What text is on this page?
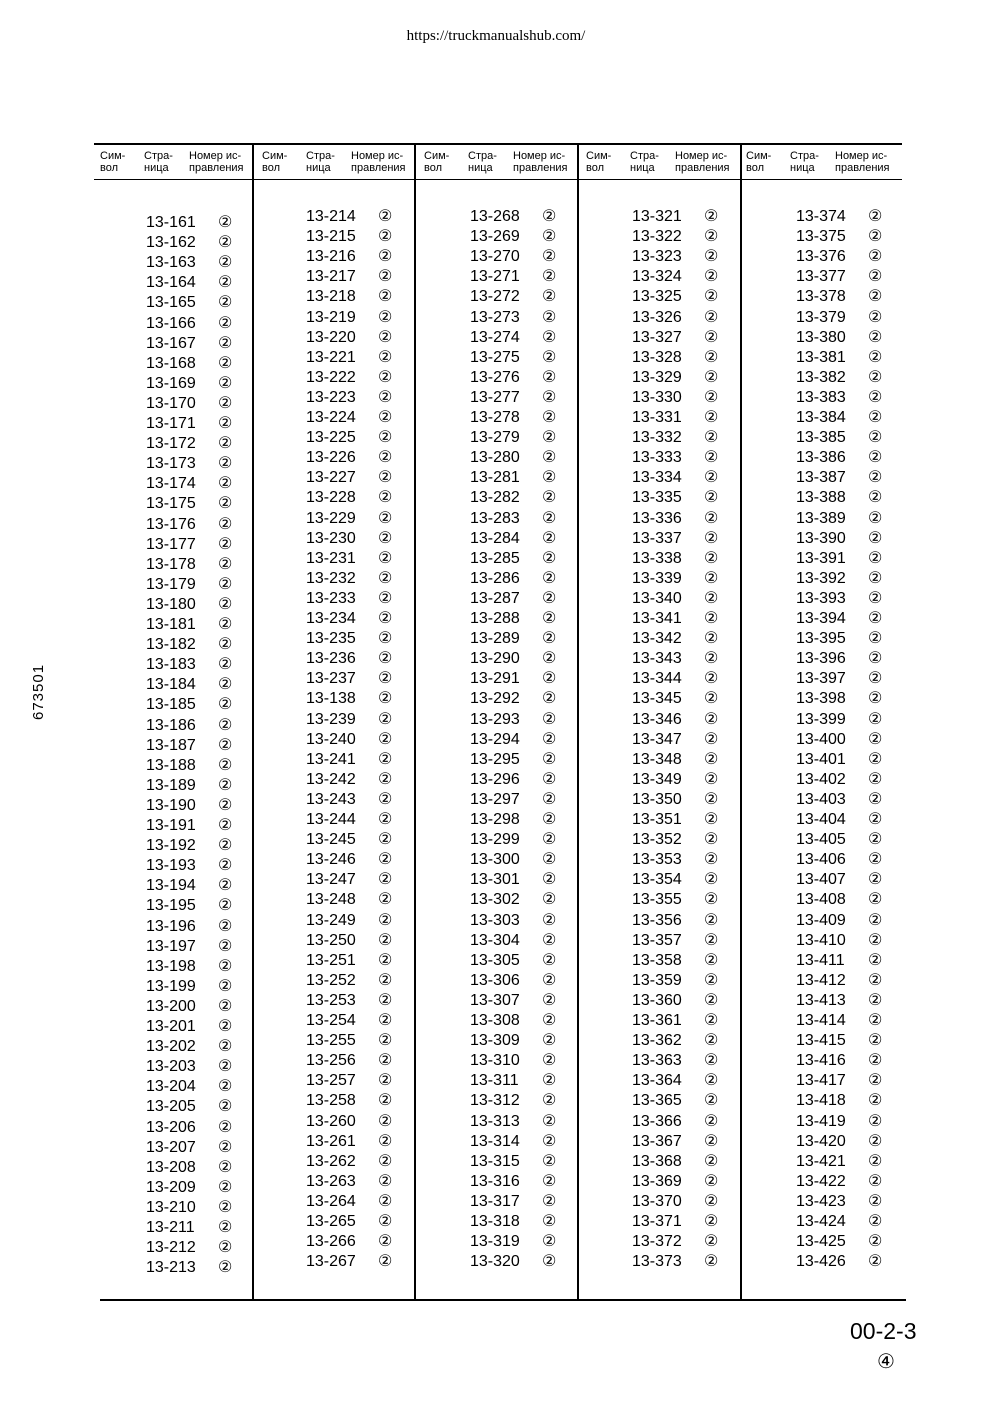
https://truckmanualshub.com/
673501
Сим-
вол
Стра-
ница
Номер ис-
правления
Сим-
вол
Стра-
ница
Номер ис-
правления
Сим-
вол
Стра-
ница
Номер ис-
правления
Сим-
вол
Стра-
ница
Номер ис-
правления
Сим-
вол
Стра-
ница
Номер ис-
правления
13-161 ②
13-162 ②
13-163 ②
13-164 ②
13-165 ②
13-166 ②
13-167 ②
13-168 ②
13-169 ②
13-170 ②
13-171 ②
13-172 ②
13-173 ②
13-174 ②
13-175 ②
13-176 ②
13-177 ②
13-178 ②
13-179 ②
13-180 ②
13-181 ②
13-182 ②
13-183 ②
13-184 ②
13-185 ②
13-186 ②
13-187 ②
13-188 ②
13-189 ②
13-190 ②
13-191 ②
13-192 ②
13-193 ②
13-194 ②
13-195 ②
13-196 ②
13-197 ②
13-198 ②
13-199 ②
13-200 ②
13-201 ②
13-202 ②
13-203 ②
13-204 ②
13-205 ②
13-206 ②
13-207 ②
13-208 ②
13-209 ②
13-210 ②
13-211 ②
13-212 ②
13-213 ②
13-214 ②
13-215 ②
13-216 ②
13-217 ②
13-218 ②
13-219 ②
13-220 ②
13-221 ②
13-222 ②
13-223 ②
13-224 ②
13-225 ②
13-226 ②
13-227 ②
13-228 ②
13-229 ②
13-230 ②
13-231 ②
13-232 ②
13-233 ②
13-234 ②
13-235 ②
13-236 ②
13-237 ②
13-138 ②
13-239 ②
13-240 ②
13-241 ②
13-242 ②
13-243 ②
13-244 ②
13-245 ②
13-246 ②
13-247 ②
13-248 ②
13-249 ②
13-250 ②
13-251 ②
13-252 ②
13-253 ②
13-254 ②
13-255 ②
13-256 ②
13-257 ②
13-258 ②
13-260 ②
13-261 ②
13-262 ②
13-263 ②
13-264 ②
13-265 ②
13-266 ②
13-267 ②
13-268 ②
13-269 ②
13-270 ②
13-271 ②
13-272 ②
13-273 ②
13-274 ②
13-275 ②
13-276 ②
13-277 ②
13-278 ②
13-279 ②
13-280 ②
13-281 ②
13-282 ②
13-283 ②
13-284 ②
13-285 ②
13-286 ②
13-287 ②
13-288 ②
13-289 ②
13-290 ②
13-291 ②
13-292 ②
13-293 ②
13-294 ②
13-295 ②
13-296 ②
13-297 ②
13-298 ②
13-299 ②
13-300 ②
13-301 ②
13-302 ②
13-303 ②
13-304 ②
13-305 ②
13-306 ②
13-307 ②
13-308 ②
13-309 ②
13-310 ②
13-311 ②
13-312 ②
13-313 ②
13-314 ②
13-315 ②
13-316 ②
13-317 ②
13-318 ②
13-319 ②
13-320 ②
13-321 ②
13-322 ②
13-323 ②
13-324 ②
13-325 ②
13-326 ②
13-327 ②
13-328 ②
13-329 ②
13-330 ②
13-331 ②
13-332 ②
13-333 ②
13-334 ②
13-335 ②
13-336 ②
13-337 ②
13-338 ②
13-339 ②
13-340 ②
13-341 ②
13-342 ②
13-343 ②
13-344 ②
13-345 ②
13-346 ②
13-347 ②
13-348 ②
13-349 ②
13-350 ②
13-351 ②
13-352 ②
13-353 ②
13-354 ②
13-355 ②
13-356 ②
13-357 ②
13-358 ②
13-359 ②
13-360 ②
13-361 ②
13-362 ②
13-363 ②
13-364 ②
13-365 ②
13-366 ②
13-367 ②
13-368 ②
13-369 ②
13-370 ②
13-371 ②
13-372 ②
13-373 ②
13-374 ②
13-375 ②
13-376 ②
13-377 ②
13-378 ②
13-379 ②
13-380 ②
13-381 ②
13-382 ②
13-383 ②
13-384 ②
13-385 ②
13-386 ②
13-387 ②
13-388 ②
13-389 ②
13-390 ②
13-391 ②
13-392 ②
13-393 ②
13-394 ②
13-395 ②
13-396 ②
13-397 ②
13-398 ②
13-399 ②
13-400 ②
13-401 ②
13-402 ②
13-403 ②
13-404 ②
13-405 ②
13-406 ②
13-407 ②
13-408 ②
13-409 ②
13-410 ②
13-411 ②
13-412 ②
13-413 ②
13-414 ②
13-415 ②
13-416 ②
13-417 ②
13-418 ②
13-419 ②
13-420 ②
13-421 ②
13-422 ②
13-423 ②
13-424 ②
13-425 ②
13-426 ②
00-2-3
④
